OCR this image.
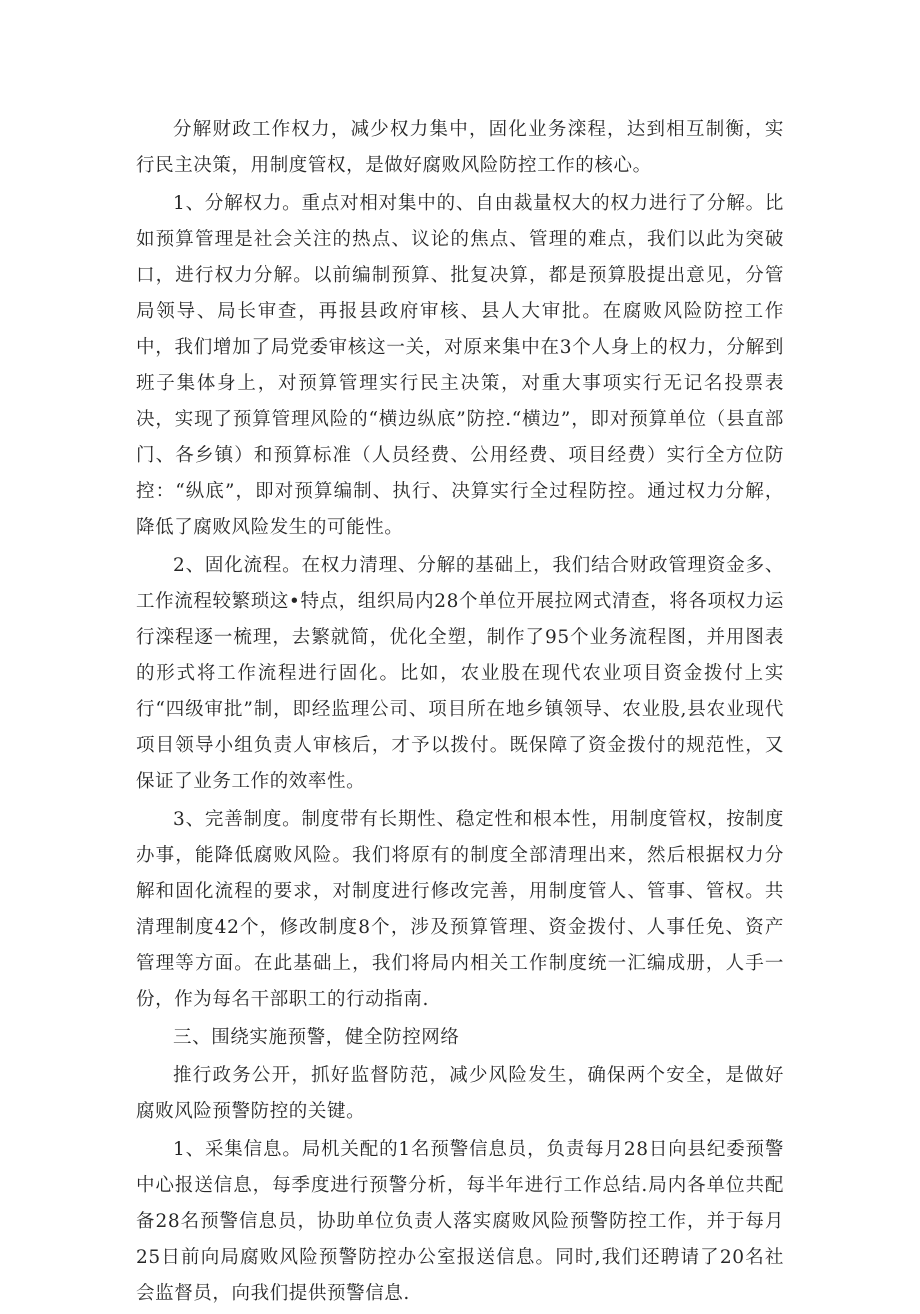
分解财政工作权力，减少权力集中，固化业务滦程，达到相互制衡，实行民主决策，用制度管权，是做好腐败风险防控工作的核心。

1、分解权力。重点对相对集中的、自由裁量权大的权力进行了分解。比如预算管理是社会关注的热点、议论的焦点、管理的难点，我们以此为突破口，进行权力分解。以前编制预算、批复决算，都是预算股提出意见，分管局领导、局长审查，再报县政府审核、县人大审批。在腐败风险防控工作中，我们增加了局党委审核这一关，对原来集中在3个人身上的权力，分解到班子集体身上，对预算管理实行民主决策，对重大事项实行无记名投票表决，实现了预算管理风险的“横边纵底”防控.“横边”，即对预算单位（县直部门、各乡镇）和预算标准（人员经费、公用经费、项目经费）实行全方位防控：“纵底”，即对预算编制、执行、决算实行全过程防控。通过权力分解，降低了腐败风险发生的可能性。

2、固化流程。在权力清理、分解的基础上，我们结合财政管理资金多、工作流程较繁琐这•特点，组织局内28个单位开展拉网式清查，将各项权力运行滦程逐一梳理，去繁就简，优化全塑，制作了95个业务流程图，并用图表的形式将工作流程进行固化。比如，农业股在现代农业项目资金拨付上实行“四级审批”制，即经监理公司、项目所在地乡镇领导、农业股,县农业现代项目领导小组负责人审核后，才予以拨付。既保障了资金拨付的规范性，又保证了业务工作的效率性。

3、完善制度。制度带有长期性、稳定性和根本性，用制度管权，按制度办事，能降低腐败风险。我们将原有的制度全部清理出来，然后根据权力分解和固化流程的要求，对制度进行修改完善，用制度管人、管事、管权。共清理制度42个，修改制度8个，涉及预算管理、资金拨付、人事任免、资产管理等方面。在此基础上，我们将局内相关工作制度统一汇编成册，人手一份，作为每名干部职工的行动指南.

三、围绕实施预警，健全防控网络

推行政务公开，抓好监督防范，减少风险发生，确保两个安全，是做好腐败风险预警防控的关键。

1、采集信息。局机关配的1名预警信息员，负责每月28日向县纪委预警中心报送信息，每季度进行预警分析，每半年进行工作总结.局内各单位共配备28名预警信息员，协助单位负责人落实腐败风险预警防控工作，并于每月25日前向局腐败风险预警防控办公室报送信息。同时,我们还聘请了20名社会监督员，向我们提供预警信息.
